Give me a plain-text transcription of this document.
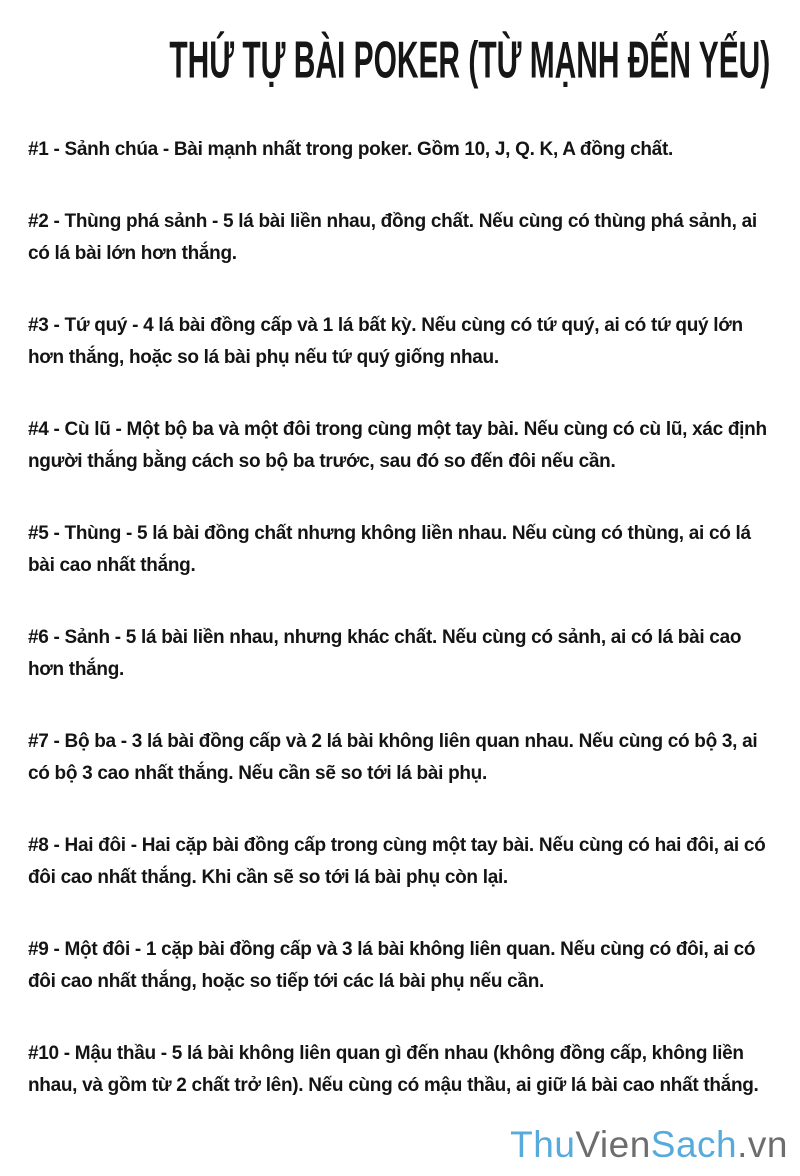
THỨ TỰ BÀI POKER (TỪ MẠNH ĐẾN YẾU)

#1 - Sảnh chúa - Bài mạnh nhất trong poker. Gồm 10, J, Q. K, A đồng chất.

#2 - Thùng phá sảnh - 5 lá bài liền nhau, đồng chất. Nếu cùng có thùng phá sảnh, ai có lá bài lớn hơn thắng.

#3 - Tứ quý - 4 lá bài đồng cấp và 1 lá bất kỳ. Nếu cùng có tứ quý, ai có tứ quý lớn hơn thắng, hoặc so lá bài phụ nếu tứ quý giống nhau.

#4 - Cù lũ - Một bộ ba và một đôi trong cùng một tay bài. Nếu cùng có cù lũ, xác định người thắng bằng cách so bộ ba trước, sau đó so đến đôi nếu cần.

#5 - Thùng - 5 lá bài đồng chất nhưng không liền nhau. Nếu cùng có thùng, ai có lá bài cao nhất thắng.

#6 - Sảnh - 5 lá bài liền nhau, nhưng khác chất. Nếu cùng có sảnh, ai có lá bài cao hơn thắng.

#7 - Bộ ba - 3 lá bài đồng cấp và 2 lá bài không liên quan nhau. Nếu cùng có bộ 3, ai có bộ 3 cao nhất thắng. Nếu cần sẽ so tới lá bài phụ.

#8 - Hai đôi - Hai cặp bài đồng cấp trong cùng một tay bài. Nếu cùng có hai đôi, ai có đôi cao nhất thắng. Khi cần sẽ so tới lá bài phụ còn lại.

#9 - Một đôi - 1 cặp bài đồng cấp và 3 lá bài không liên quan. Nếu cùng có đôi, ai có đôi cao nhất thắng, hoặc so tiếp tới các lá bài phụ nếu cần.

#10 - Mậu thầu - 5 lá bài không liên quan gì đến nhau (không đồng cấp, không liền nhau, và gồm từ 2 chất trở lên). Nếu cùng có mậu thầu, ai giữ lá bài cao nhất thắng.

ThuVienSach.vn
